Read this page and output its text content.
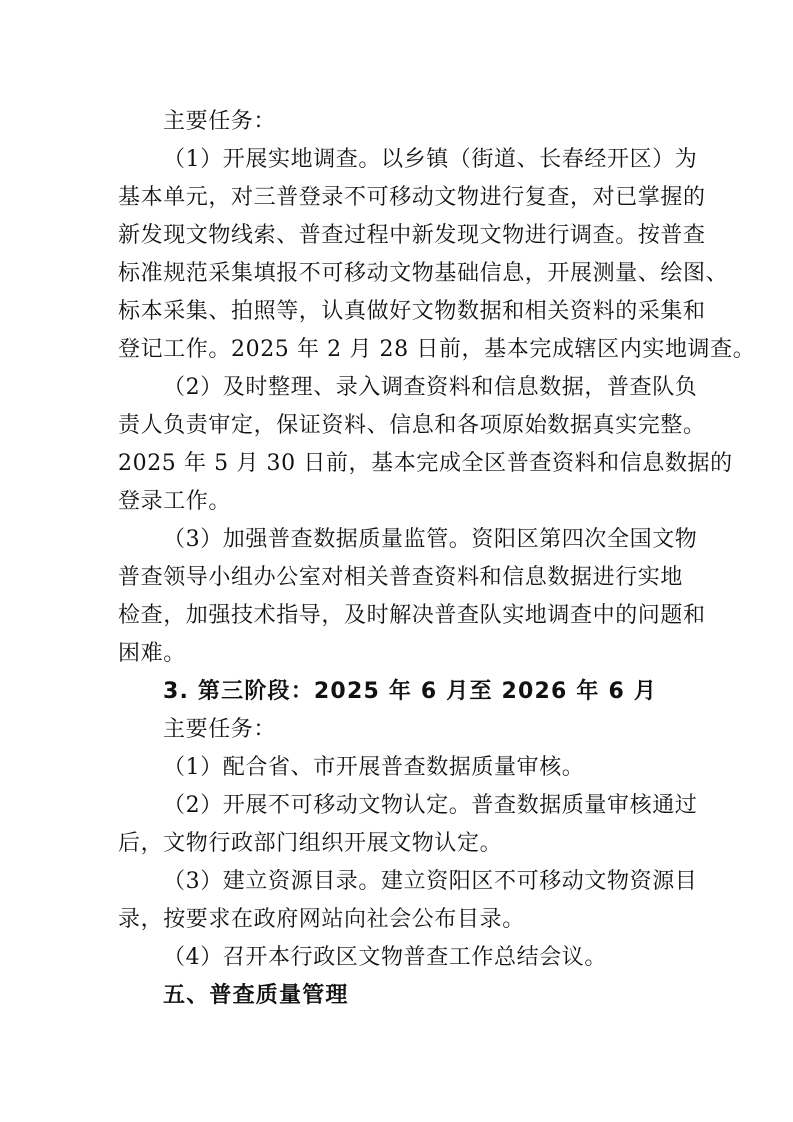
主要任务：
（1）开展实地调查。以乡镇（街道、长春经开区）为
基本单元，对三普登录不可移动文物进行复查，对已掌握的
新发现文物线索、普查过程中新发现文物进行调查。按普查
标准规范采集填报不可移动文物基础信息，开展测量、绘图、
标本采集、拍照等，认真做好文物数据和相关资料的采集和
登记工作。2025 年 2 月 28 日前，基本完成辖区内实地调查。
（2）及时整理、录入调查资料和信息数据，普查队负
责人负责审定，保证资料、信息和各项原始数据真实完整。
2025 年 5 月 30 日前，基本完成全区普查资料和信息数据的
登录工作。
（3）加强普查数据质量监管。资阳区第四次全国文物
普查领导小组办公室对相关普查资料和信息数据进行实地
检查，加强技术指导，及时解决普查队实地调查中的问题和
困难。
3. 第三阶段：2025 年 6 月至 2026 年 6 月
主要任务：
（1）配合省、市开展普查数据质量审核。
（2）开展不可移动文物认定。普查数据质量审核通过
后，文物行政部门组织开展文物认定。
（3）建立资源目录。建立资阳区不可移动文物资源目
录，按要求在政府网站向社会公布目录。
（4）召开本行政区文物普查工作总结会议。
五、普查质量管理
